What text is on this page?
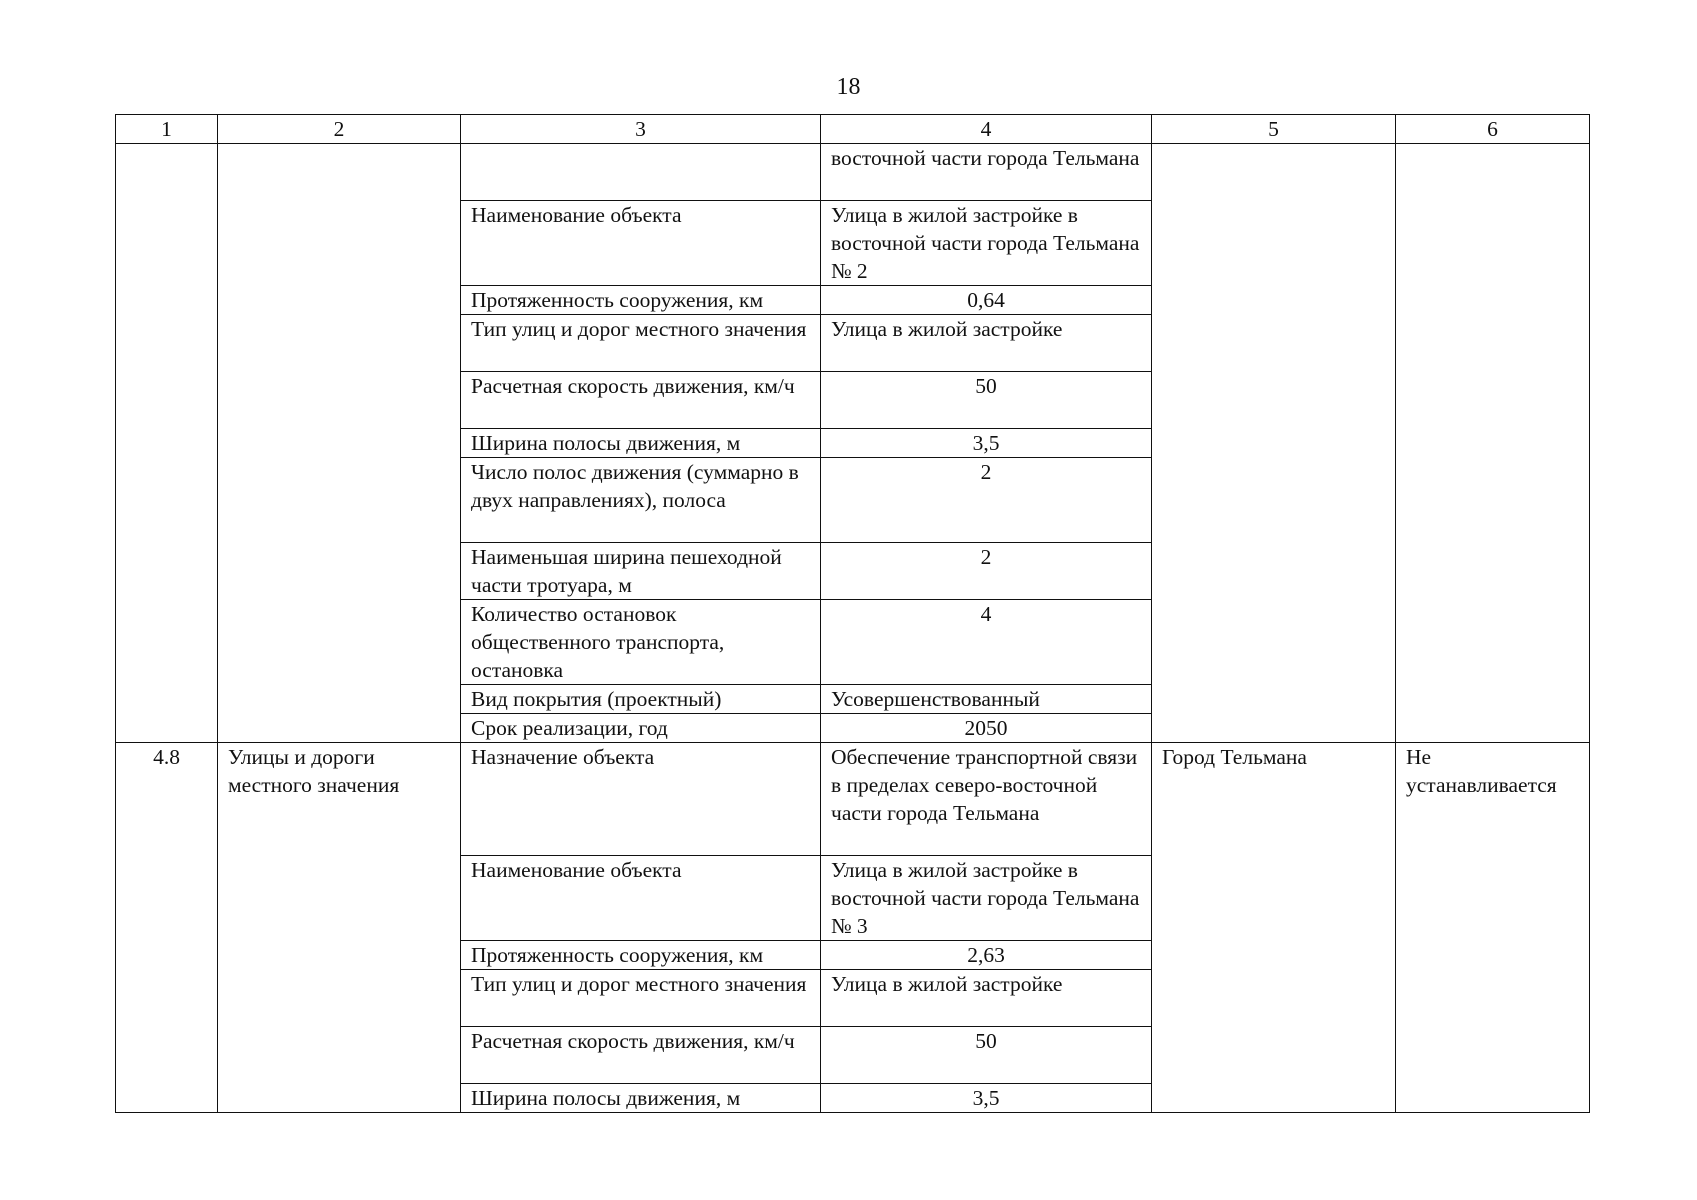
18
1	2	3	4	5	6
			восточной части города Тельмана		
		Наименование объекта	Улица в жилой застройке в восточной части города Тельмана № 2		
		Протяженность сооружения, км	0,64		
		Тип улиц и дорог местного значения	Улица в жилой застройке		
		Расчетная скорость движения, км/ч	50		
		Ширина полосы движения, м	3,5		
		Число полос движения (суммарно в двух направлениях), полоса	2		
		Наименьшая ширина пешеходной части тротуара, м	2		
		Количество остановок общественного транспорта, остановка	4		
		Вид покрытия (проектный)	Усовершенствованный		
		Срок реализации, год	2050		
4.8	Улицы и дороги местного значения	Назначение объекта	Обеспечение транспортной связи в пределах северо-восточной части города Тельмана	Город Тельмана	Не устанавливается
		Наименование объекта	Улица в жилой застройке в восточной части города Тельмана № 3		
		Протяженность сооружения, км	2,63		
		Тип улиц и дорог местного значения	Улица в жилой застройке		
		Расчетная скорость движения, км/ч	50		
		Ширина полосы движения, м	3,5		
